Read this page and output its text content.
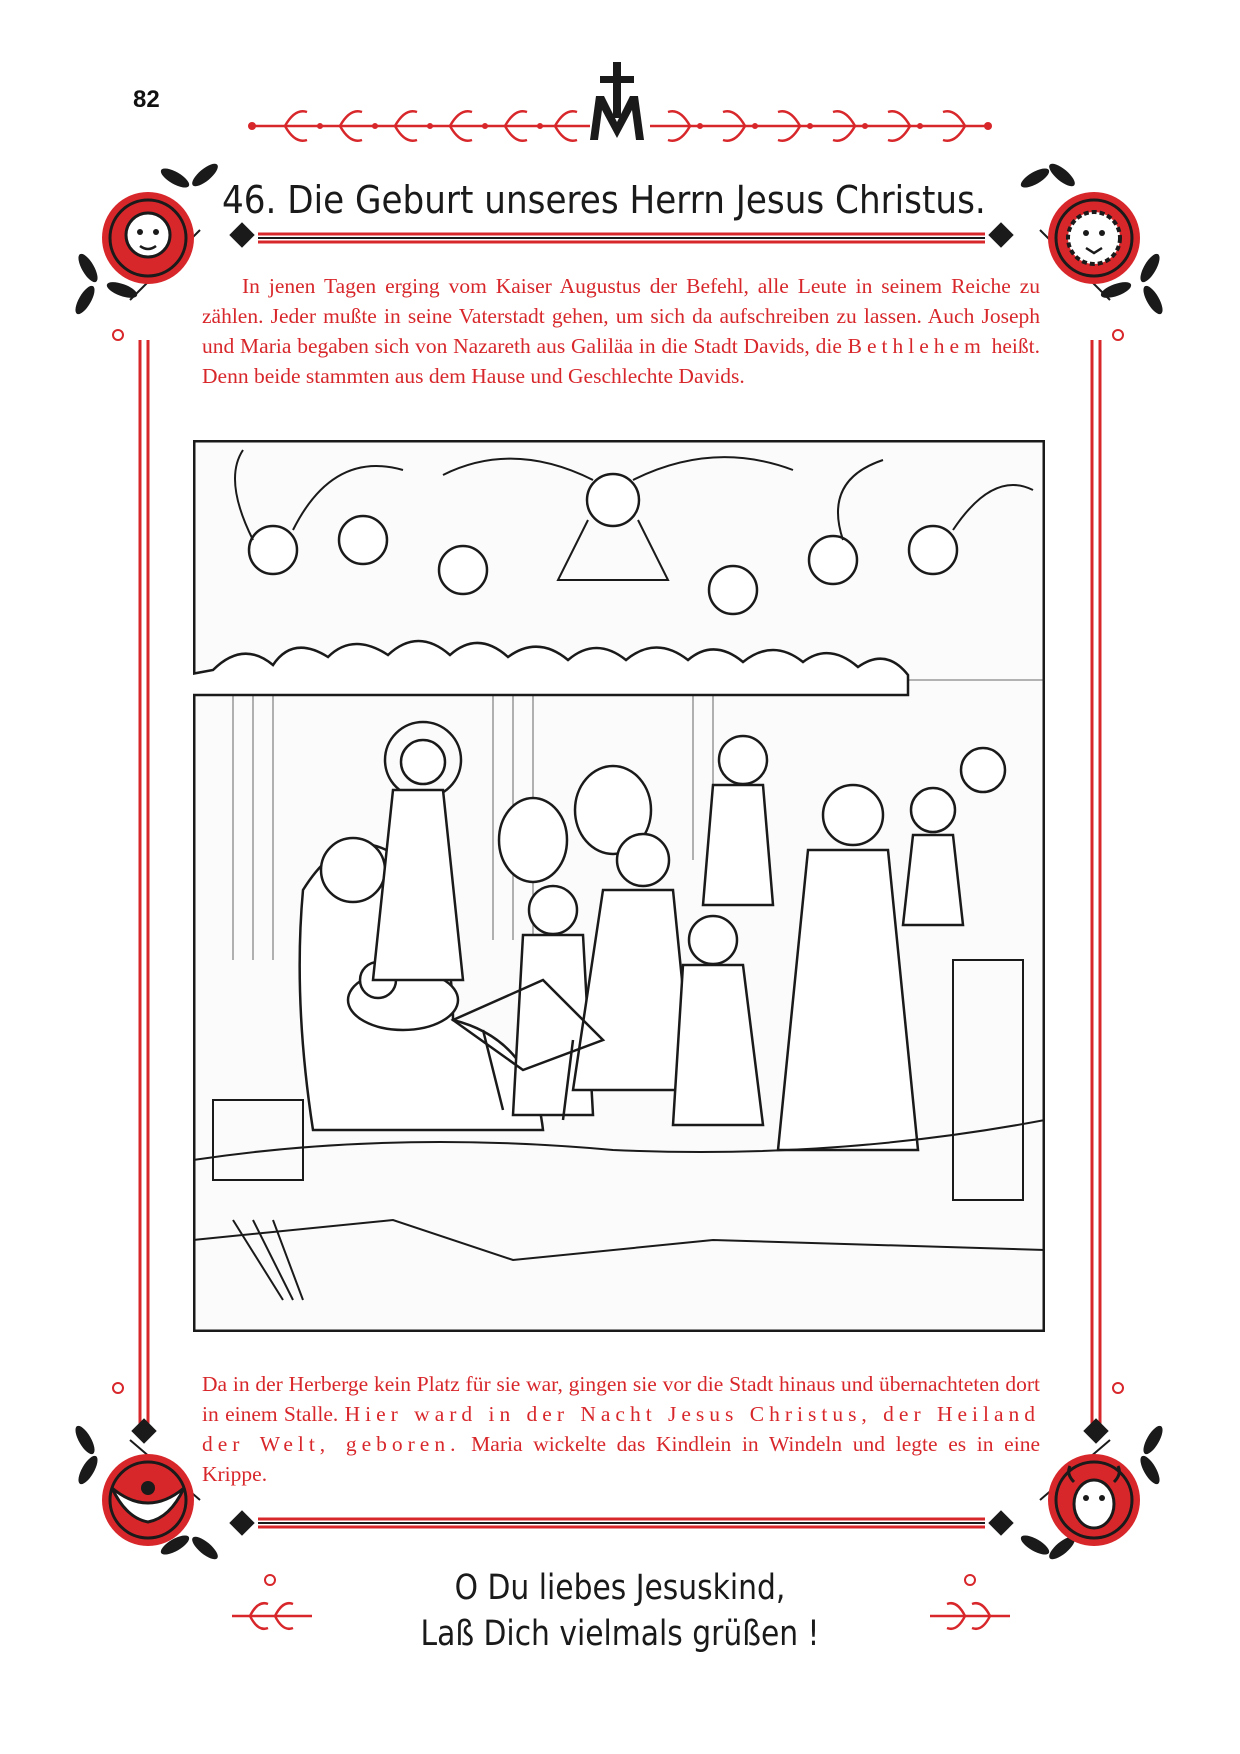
82
46. Die Geburt unseres Herrn Jesus Christus.
In jenen Tagen erging vom Kaiser Augustus der Befehl, alle Leute in seinem Reiche zu zählen. Jeder mußte in seine Vaterstadt gehen, um sich da aufschreiben zu lassen. Auch Joseph und Maria begaben sich von Nazareth aus Galiläa in die Stadt Davids, die Bethlehem heißt. Denn beide stammten aus dem Hause und Geschlechte Davids.
Da in der Herberge kein Platz für sie war, gingen sie vor die Stadt hinaus und übernachteten dort in einem Stalle. Hier ward in der Nacht Jesus Christus, der Heiland der Welt, geboren. Maria wickelte das Kindlein in Windeln und legte es in eine Krippe.
O Du liebes Jesuskind,
Laß Dich vielmals grüßen !
